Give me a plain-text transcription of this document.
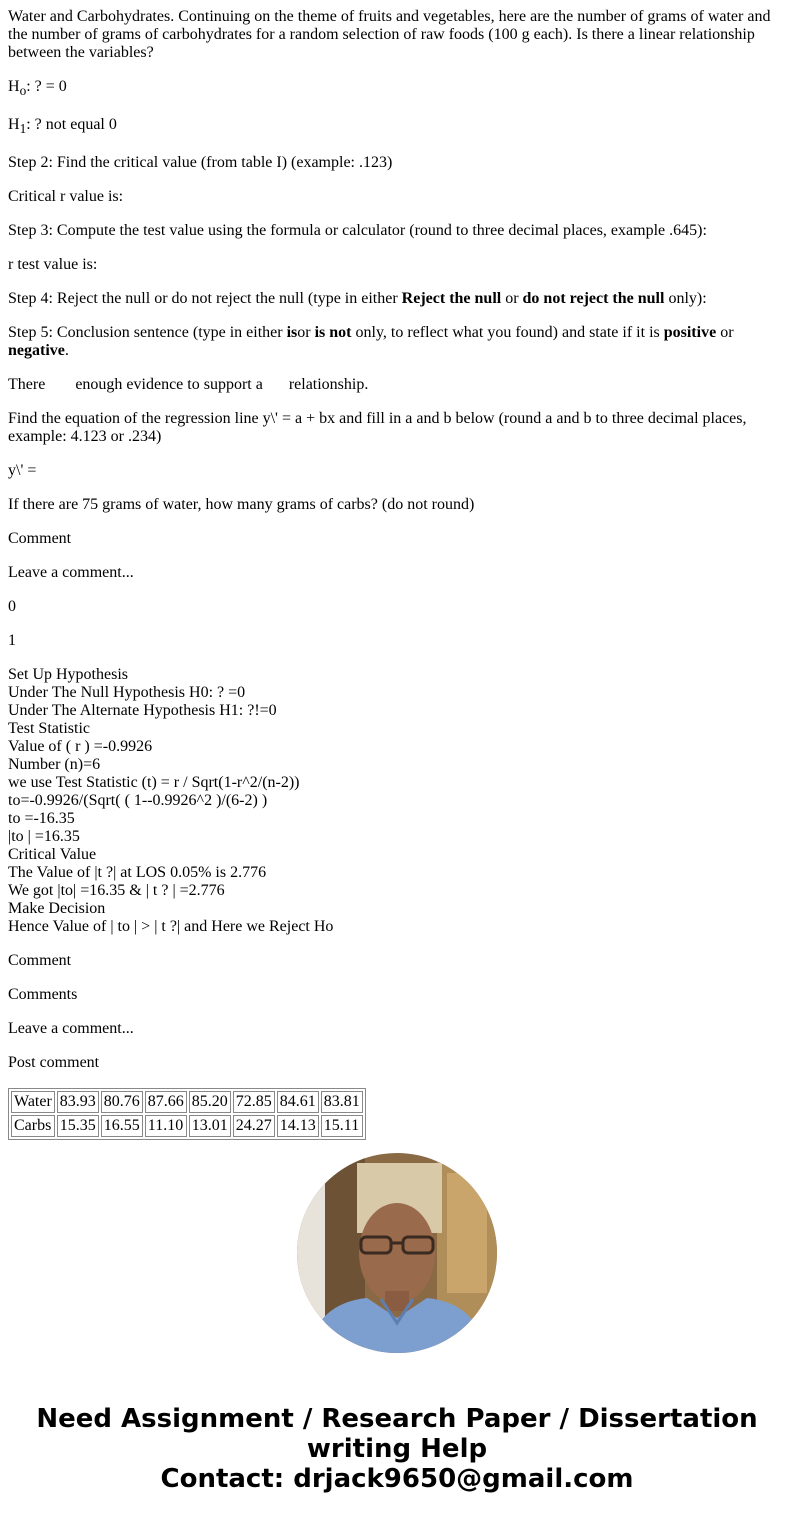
Water and Carbohydrates. Continuing on the theme of fruits and vegetables, here are the number of grams of water and the number of grams of carbohydrates for a random selection of raw foods (100 g each). Is there a linear relationship between the variables?

$H_o$: ? = 0

$H_1$: ? not equal 0

Step 2: Find the critical value (from table I) (example: .123)

Critical r value is:

Step 3: Compute the test value using the formula or calculator (round to three decimal places, example .645):

r test value is:

Step 4: Reject the null or do not reject the null (type in either Reject the null or do not reject the null only):

Step 5: Conclusion sentence (type in either isor is not only, to reflect what you found) and state if it is positive or negative.

There enough evidence to support a relationship.

Find the equation of the regression line y\' = a + bx and fill in a and b below (round a and b to three decimal places, example: 4.123 or .234)

y\' =

If there are 75 grams of water, how many grams of carbs? (do not round)

Comment

Leave a comment...

0

1

Set Up Hypothesis
Under The Null Hypothesis H0: ? =0
Under The Alternate Hypothesis H1: ?!=0
Test Statistic
Value of ( r ) =-0.9926
Number (n)=6
we use Test Statistic (t) = r / Sqrt(1-r^2/(n-2))
to=-0.9926/(Sqrt( ( 1--0.9926^2 )/(6-2) )
to =-16.35
|to | =16.35
Critical Value
The Value of |t ?| at LOS 0.05% is 2.776
We got |to| =16.35 & | t ? | =2.776
Make Decision
Hence Value of | to | > | t ?| and Here we Reject Ho

Comment

Comments

Leave a comment...

Post comment

Water	83.93	80.76	87.66	85.20	72.85	84.61	83.81
Carbs	15.35	16.55	11.10	13.01	24.27	14.13	15.11
Need Assignment / Research Paper / Dissertation
writing Help
Contact: drjack9650@gmail.com
